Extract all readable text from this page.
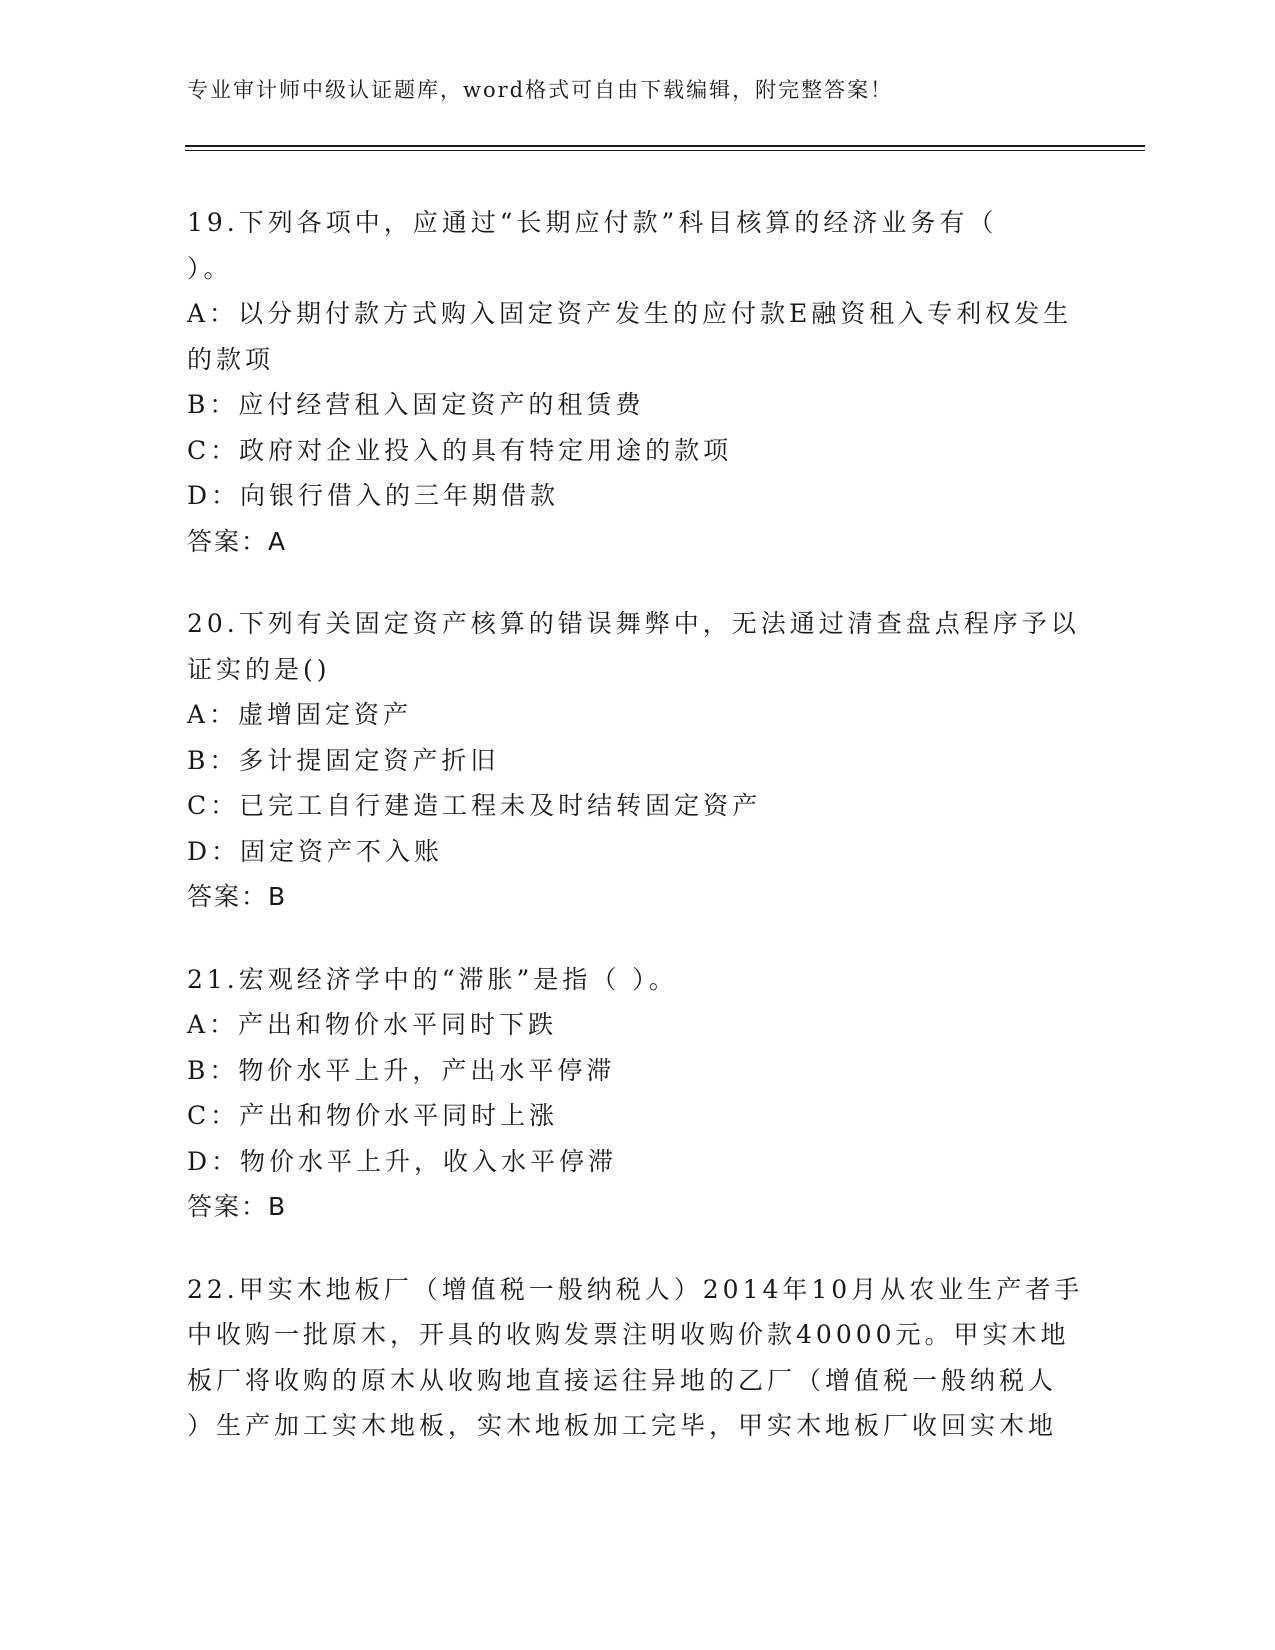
专业审计师中级认证题库，word格式可自由下载编辑，附完整答案！
19.下列各项中，应通过“长期应付款”科目核算的经济业务有（
）。
A：以分期付款方式购入固定资产发生的应付款E融资租入专利权发生
的款项
B：应付经营租入固定资产的租赁费
C：政府对企业投入的具有特定用途的款项
D：向银行借入的三年期借款
答案：A
20.下列有关固定资产核算的错误舞弊中，无法通过清查盘点程序予以
证实的是()
A：虚增固定资产
B：多计提固定资产折旧
C：已完工自行建造工程未及时结转固定资产
D：固定资产不入账
答案：B
21.宏观经济学中的“滞胀”是指（ ）。
A：产出和物价水平同时下跌
B：物价水平上升，产出水平停滞
C：产出和物价水平同时上涨
D：物价水平上升，收入水平停滞
答案：B
22.甲实木地板厂（增值税一般纳税人）2014年10月从农业生产者手
中收购一批原木，开具的收购发票注明收购价款40000元。甲实木地
板厂将收购的原木从收购地直接运往异地的乙厂（增值税一般纳税人
）生产加工实木地板，实木地板加工完毕，甲实木地板厂收回实木地
